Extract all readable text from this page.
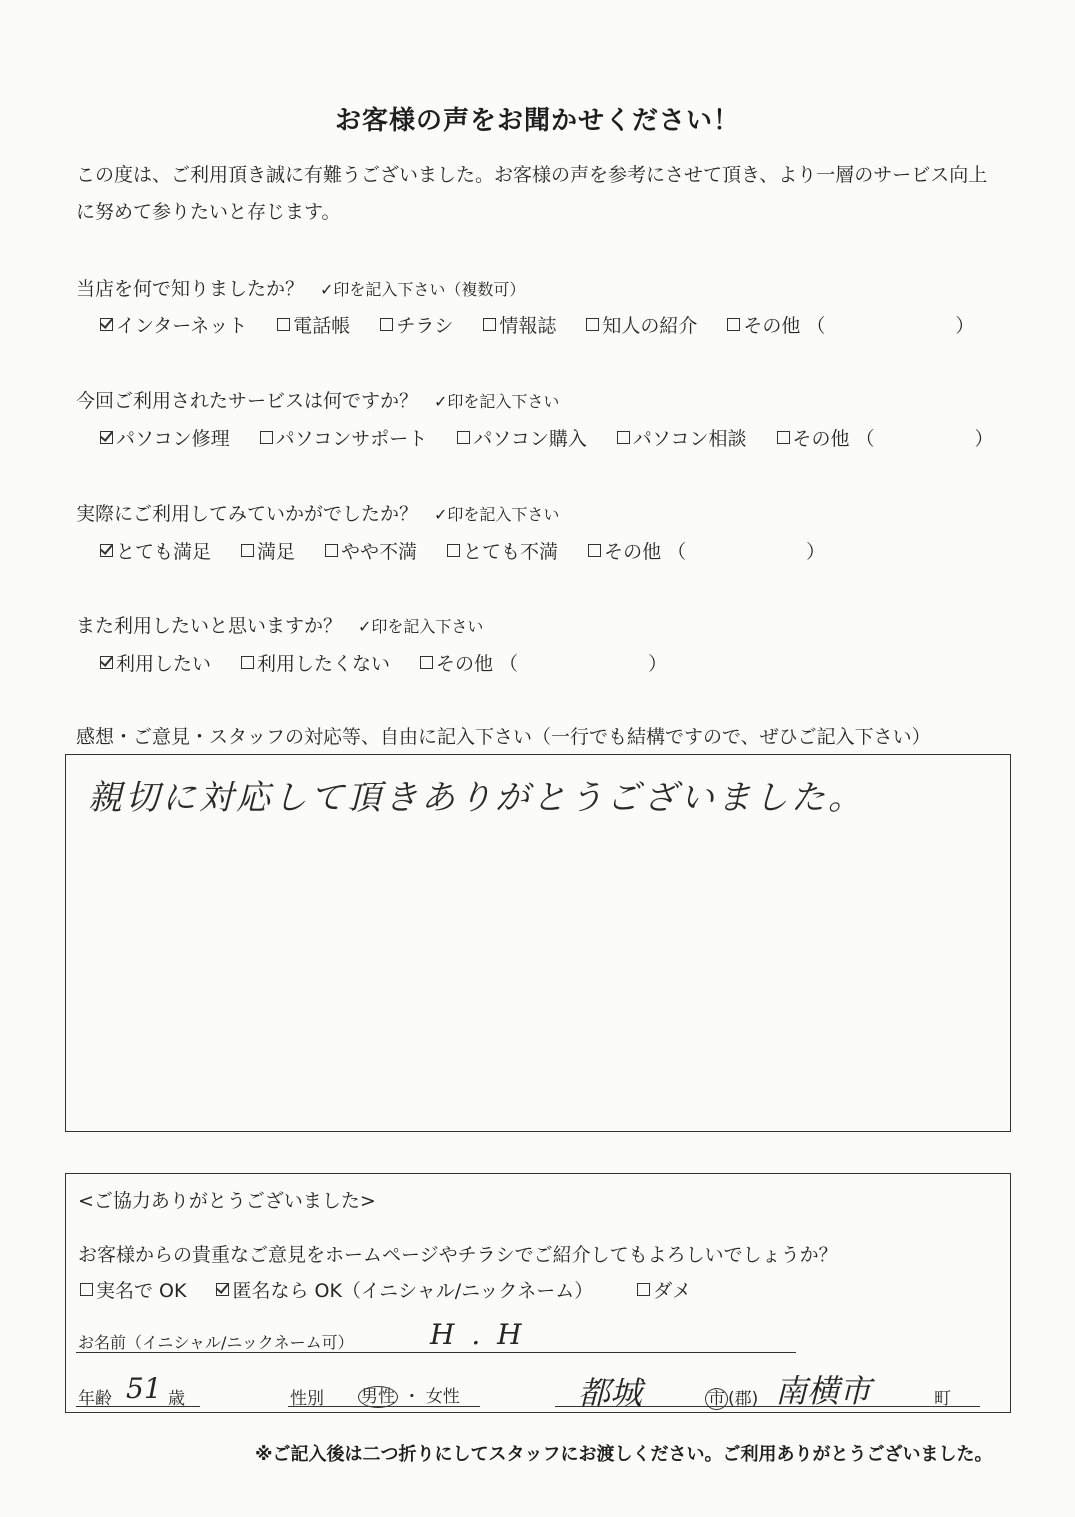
お客様の声をお聞かせください！
この度は、ご利用頂き誠に有難うございました。お客様の声を参考にさせて頂き、より一層のサービス向上に努めて参りたいと存じます。
当店を何で知りましたか？ ✓印を記入下さい（複数可）
インターネット 電話帳 チラシ 情報誌 知人の紹介 その他 （	）
今回ご利用されたサービスは何ですか？ ✓印を記入下さい
パソコン修理 パソコンサポート パソコン購入 パソコン相談 その他 （	）
実際にご利用してみていかがでしたか？ ✓印を記入下さい
とても満足 満足 やや不満 とても不満 その他 （	）
また利用したいと思いますか？ ✓印を記入下さい
利用したい 利用したくない その他 （	）
感想・ご意見・スタッフの対応等、自由に記入下さい（一行でも結構ですので、ぜひご記入下さい）
親切に対応して頂きありがとうございました。
<ご協力ありがとうございました>
お客様からの貴重なご意見をホームページやチラシでご紹介してもよろしいでしょうか？
実名で OK 匿名なら OK（イニシャル/ニックネーム）	ダメ
お名前（イニシャル/ニックネーム可）	H . H
年齢 51 歳	性別 男性 ・ 女性	都城	市 (郡) 南横市	町
※ご記入後は二つ折りにしてスタッフにお渡しください。ご利用ありがとうございました。
